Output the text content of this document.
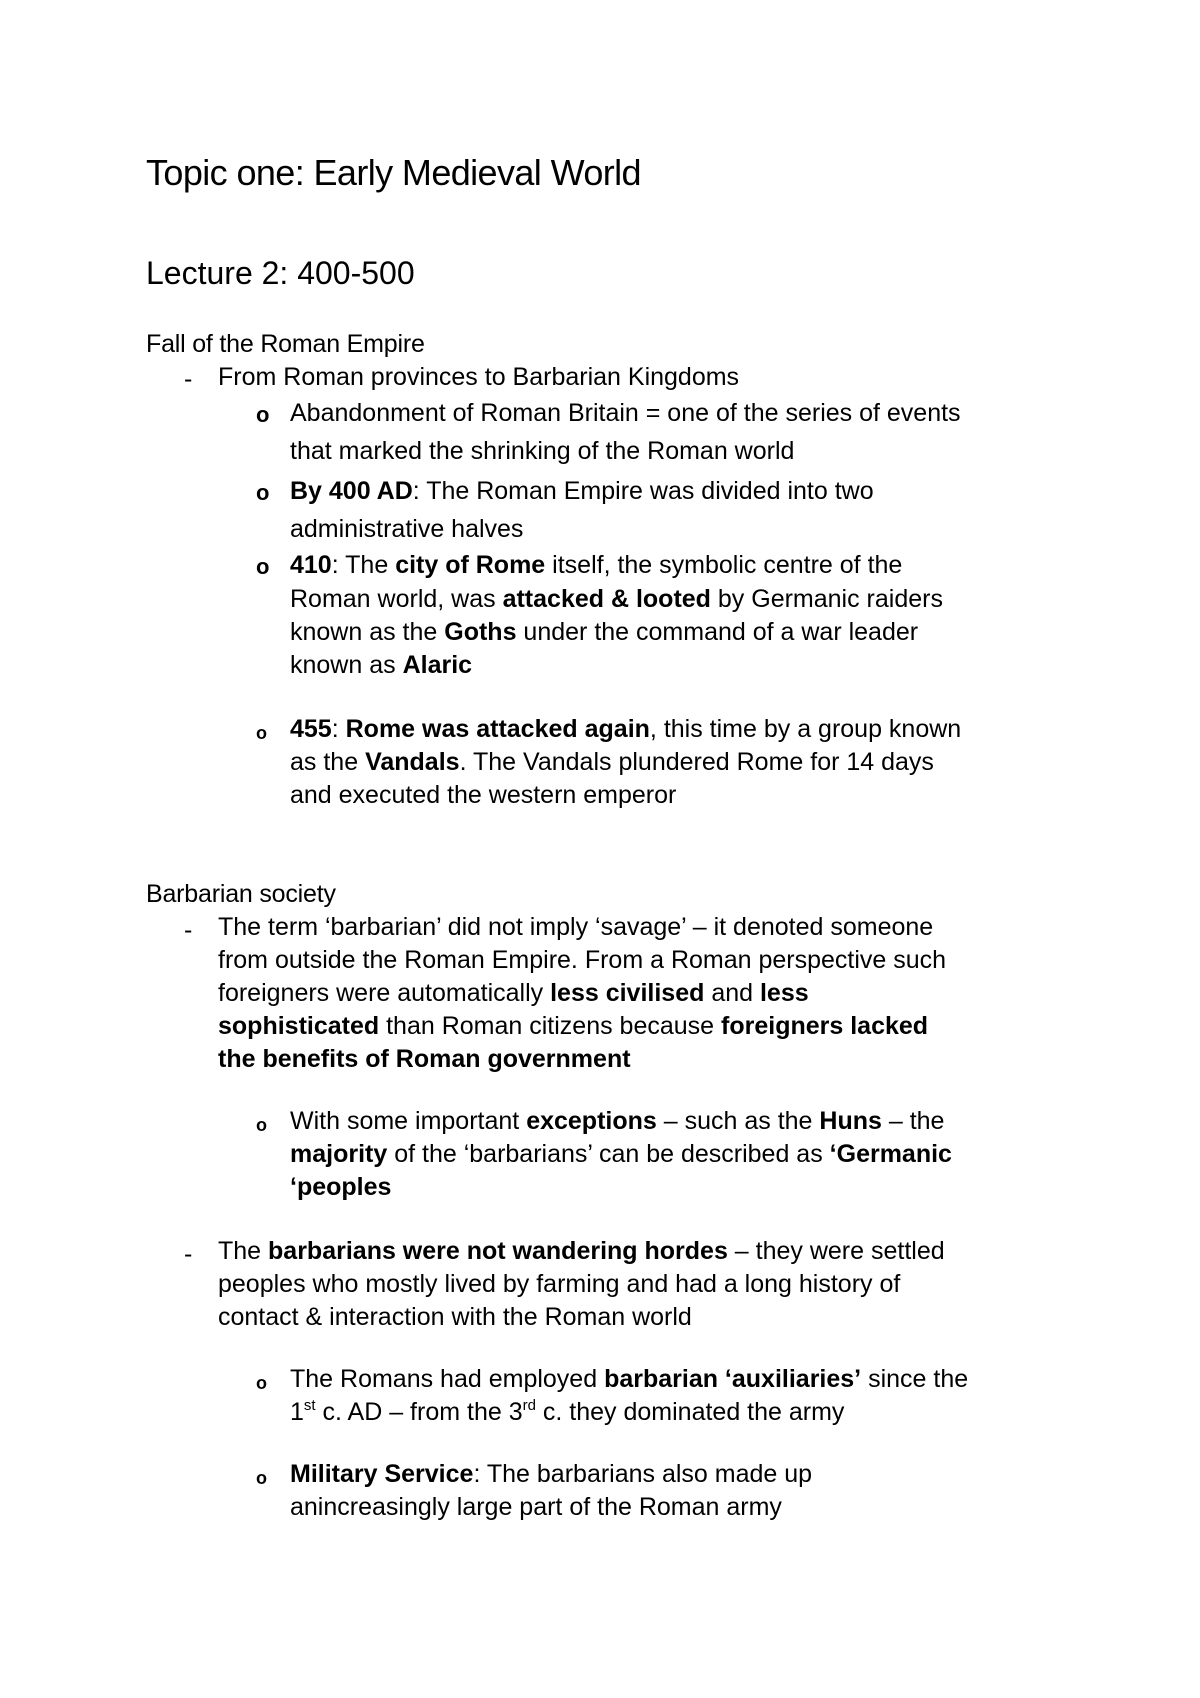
Topic one: Early Medieval World
Lecture 2: 400-500
Fall of the Roman Empire
- From Roman provinces to Barbarian Kingdoms
o Abandonment of Roman Britain = one of the series of events
that marked the shrinking of the Roman world
o By 400 AD: The Roman Empire was divided into two
administrative halves
o 410: The city of Rome itself, the symbolic centre of the
Roman world, was attacked & looted by Germanic raiders
known as the Goths under the command of a war leader
known as Alaric
o 455: Rome was attacked again, this time by a group known
as the Vandals. The Vandals plundered Rome for 14 days
and executed the western emperor
Barbarian society
- The term ‘barbarian’ did not imply ‘savage’ – it denoted someone
from outside the Roman Empire. From a Roman perspective such
foreigners were automatically less civilised and less
sophisticated than Roman citizens because foreigners lacked
the benefits of Roman government
o With some important exceptions – such as the Huns – the
majority of the ‘barbarians’ can be described as ‘Germanic
‘peoples
- The barbarians were not wandering hordes – they were settled
peoples who mostly lived by farming and had a long history of
contact & interaction with the Roman world
o The Romans had employed barbarian ‘auxiliaries’ since the
1st c. AD – from the 3rd c. they dominated the army
o Military Service: The barbarians also made up
anincreasingly large part of the Roman army
